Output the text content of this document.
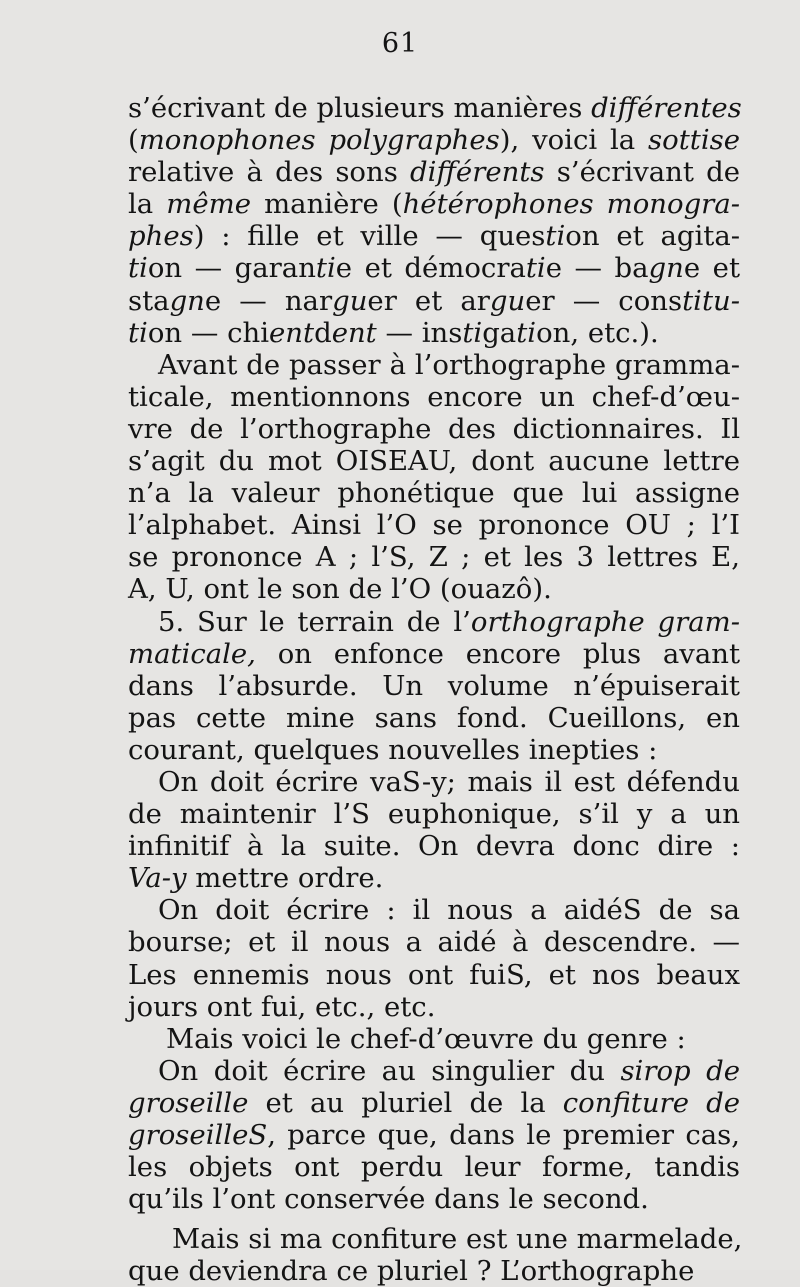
61
s’écrivant de plusieurs manières différentes
(monophones polygraphes), voici la sottise
relative à des sons différents s’écrivant de
la même manière (hétérophones monogra-
phes) : fille et ville — question et agita-
tion — garantie et démocratie — bagne et
stagne — narguer et arguer — constitu-
tion — chientdent — instigation, etc.).
Avant de passer à l’orthographe gramma-
ticale, mentionnons encore un chef-d’œu-
vre de l’orthographe des dictionnaires. Il
s’agit du mot OISEAU, dont aucune lettre
n’a la valeur phonétique que lui assigne
l’alphabet. Ainsi l’O se prononce OU ; l’I
se prononce A ; l’S, Z ; et les 3 lettres E,
A, U, ont le son de l’O (ouazô).
5. Sur le terrain de l’orthographe gram-
maticale, on enfonce encore plus avant
dans l’absurde. Un volume n’épuiserait
pas cette mine sans fond. Cueillons, en
courant, quelques nouvelles inepties :
On doit écrire vaS-y; mais il est défendu
de maintenir l’S euphonique, s’il y a un
infinitif à la suite. On devra donc dire :
Va-y mettre ordre.
On doit écrire : il nous a aidéS de sa
bourse; et il nous a aidé à descendre. —
Les ennemis nous ont fuiS, et nos beaux
jours ont fui, etc., etc.
Mais voici le chef-d’œuvre du genre :
On doit écrire au singulier du sirop de
groseille et au pluriel de la confiture de
groseilleS, parce que, dans le premier cas,
les objets ont perdu leur forme, tandis
qu’ils l’ont conservée dans le second.
Mais si ma confiture est une marmelade,
que deviendra ce pluriel ? L’orthographe
